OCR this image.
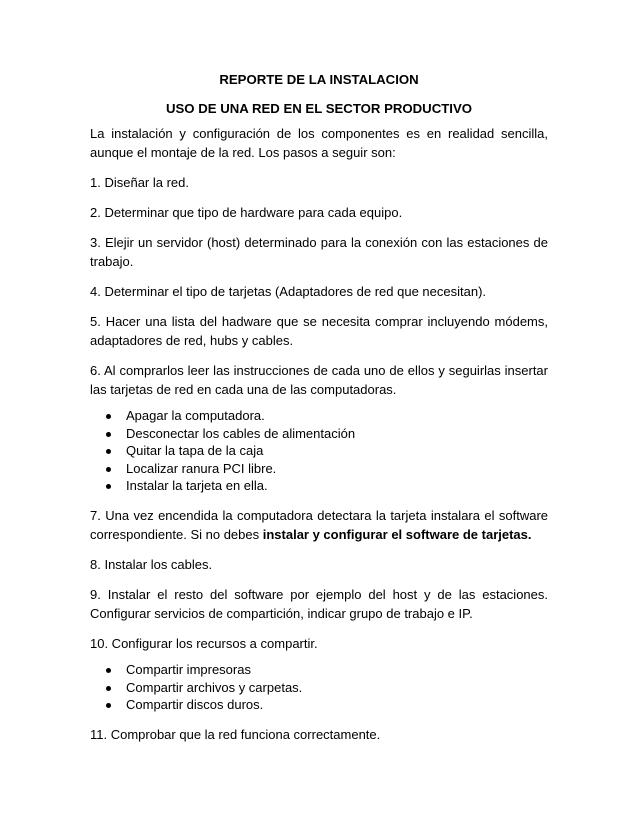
REPORTE DE LA INSTALACION
USO DE UNA RED EN EL SECTOR PRODUCTIVO

La instalación y configuración de los componentes es en realidad sencilla, aunque el montaje de la red. Los pasos a seguir son:

1. Diseñar la red.

2. Determinar que tipo de hardware para cada equipo.

3. Elejir un servidor (host) determinado para la conexión con las estaciones de trabajo.

4. Determinar el tipo de tarjetas (Adaptadores de red que necesitan).

5. Hacer una lista del hadware que se necesita comprar incluyendo módems, adaptadores de red, hubs y cables.

6. Al comprarlos leer las instrucciones de cada uno de ellos y seguirlas insertar las tarjetas de red en cada una de las computadoras.

Apagar la computadora.
Desconectar los cables de alimentación
Quitar la tapa de la caja
Localizar ranura PCI libre.
Instalar la tarjeta en ella.

7. Una vez encendida la computadora detectara la tarjeta instalara el software correspondiente. Si no debes instalar y configurar el software de tarjetas.

8. Instalar los cables.

9. Instalar el resto del software por ejemplo del host y de las estaciones. Configurar servicios de compartición, indicar grupo de trabajo e IP.

10. Configurar los recursos a compartir.

Compartir impresoras
Compartir archivos y carpetas.
Compartir discos duros.

11. Comprobar que la red funciona correctamente.
